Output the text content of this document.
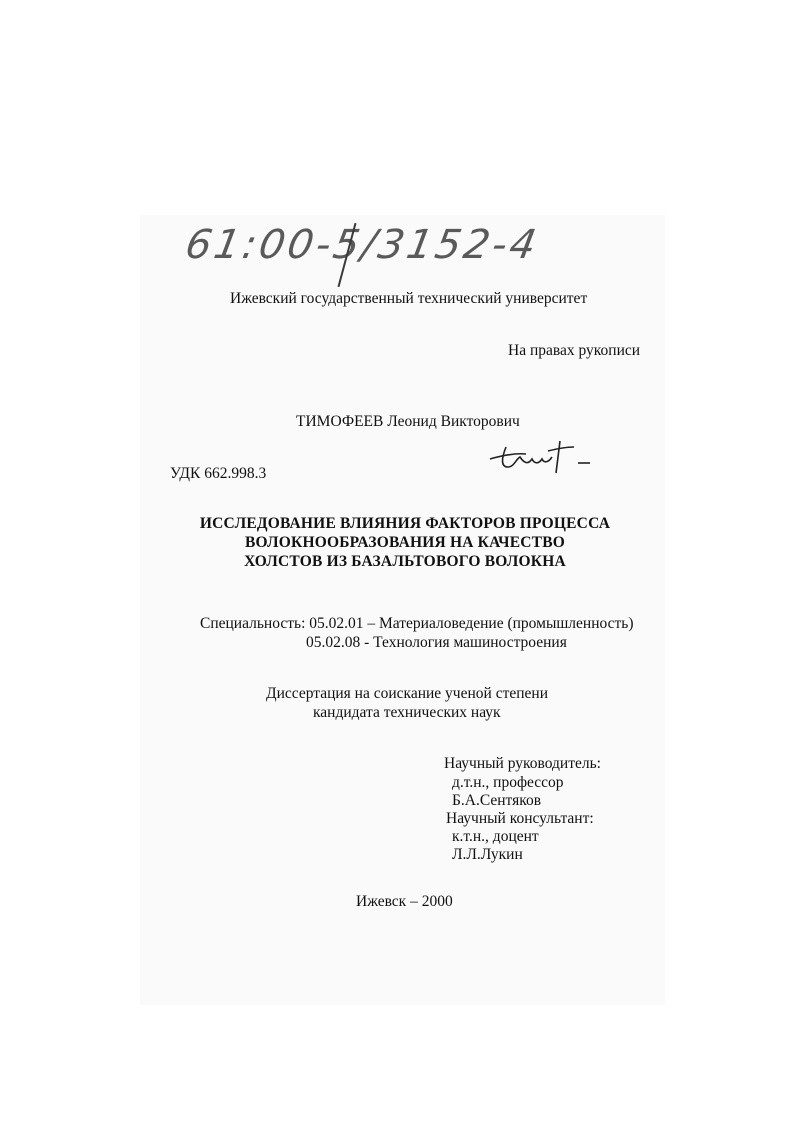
61:00-5/3152-4
Ижевский государственный технический университет
На правах рукописи
ТИМОФЕЕВ Леонид Викторович
УДК 662.998.3
ИССЛЕДОВАНИЕ ВЛИЯНИЯ ФАКТОРОВ ПРОЦЕССА
ВОЛОКНООБРАЗОВАНИЯ НА КАЧЕСТВО
ХОЛСТОВ ИЗ БАЗАЛЬТОВОГО ВОЛОКНА
Специальность: 05.02.01 – Материаловедение (промышленность)
05.02.08 - Технология машиностроения
Диссертация на соискание ученой степени
кандидата технических наук
Научный руководитель:
д.т.н., профессор
Б.А.Сентяков
Научный консультант:
к.т.н., доцент
Л.Л.Лукин
Ижевск – 2000
